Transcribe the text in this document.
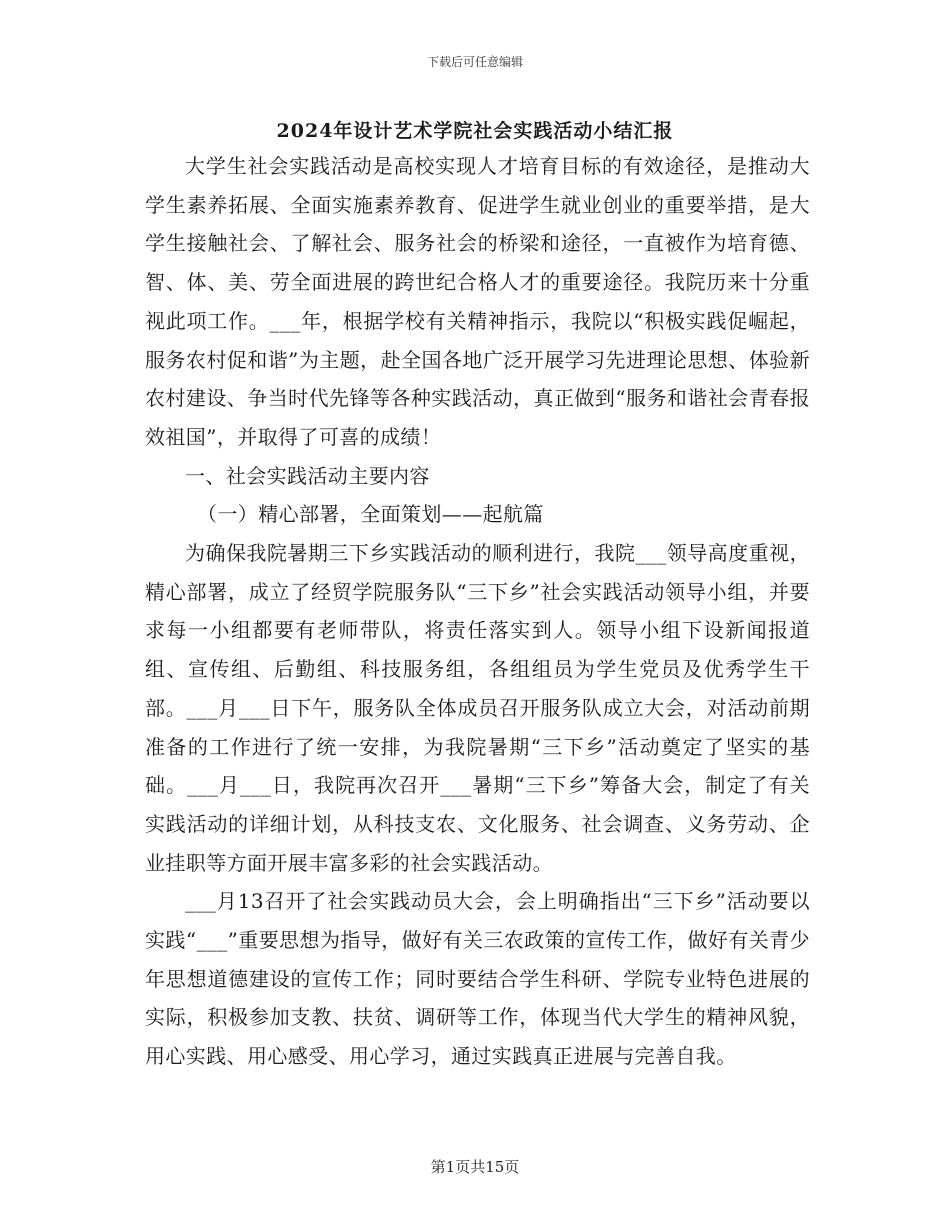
下载后可任意编辑
2024年设计艺术学院社会实践活动小结汇报

大学生社会实践活动是高校实现人才培育目标的有效途径，是推动大学生素养拓展、全面实施素养教育、促进学生就业创业的重要举措，是大学生接触社会、了解社会、服务社会的桥梁和途径，一直被作为培育德、智、体、美、劳全面进展的跨世纪合格人才的重要途径。我院历来十分重视此项工作。___年，根据学校有关精神指示，我院以“积极实践促崛起，服务农村促和谐”为主题，赴全国各地广泛开展学习先进理论思想、体验新农村建设、争当时代先锋等各种实践活动，真正做到“服务和谐社会青春报效祖国”，并取得了可喜的成绩！

一、社会实践活动主要内容

（一）精心部署，全面策划——起航篇

为确保我院暑期三下乡实践活动的顺利进行，我院___领导高度重视，精心部署，成立了经贸学院服务队“三下乡”社会实践活动领导小组，并要求每一小组都要有老师带队，将责任落实到人。领导小组下设新闻报道组、宣传组、后勤组、科技服务组，各组组员为学生党员及优秀学生干部。___月___日下午，服务队全体成员召开服务队成立大会，对活动前期准备的工作进行了统一安排，为我院暑期“三下乡”活动奠定了坚实的基础。___月___日，我院再次召开___暑期“三下乡”筹备大会，制定了有关实践活动的详细计划，从科技支农、文化服务、社会调查、义务劳动、企业挂职等方面开展丰富多彩的社会实践活动。

___月13召开了社会实践动员大会，会上明确指出“三下乡”活动要以实践“___”重要思想为指导，做好有关三农政策的宣传工作，做好有关青少年思想道德建设的宣传工作；同时要结合学生科研、学院专业特色进展的实际，积极参加支教、扶贫、调研等工作，体现当代大学生的精神风貌，用心实践、用心感受、用心学习，通过实践真正进展与完善自我。

第1页共15页
